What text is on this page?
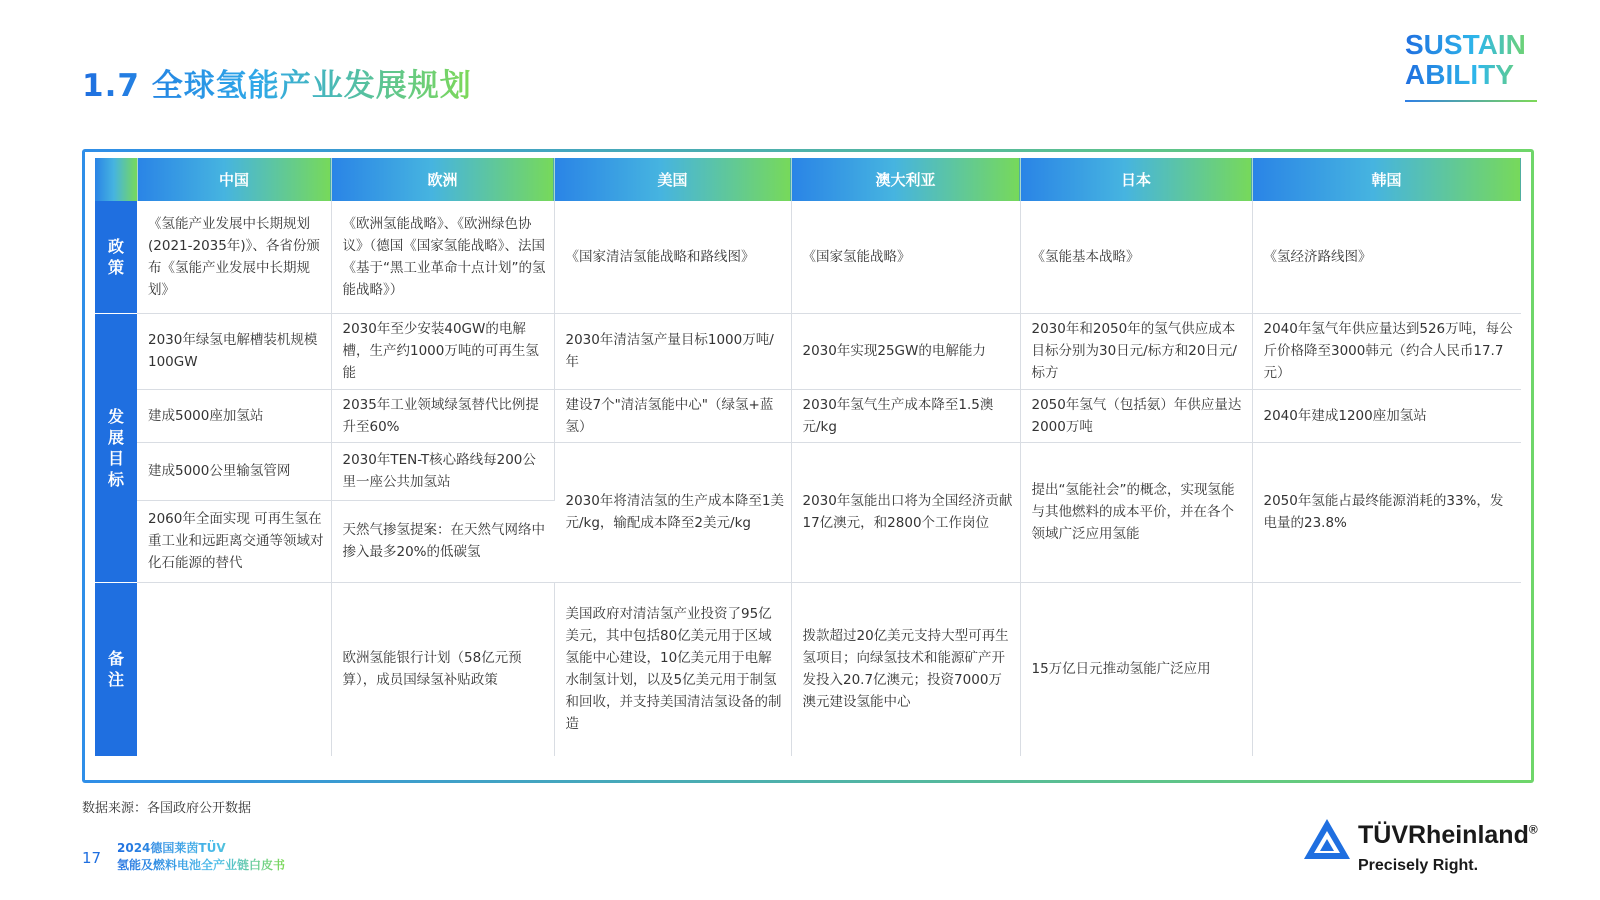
1.7 全球氢能产业发展规划
SUSTAIN
ABILITY
	中国	欧洲	美国	澳大利亚	日本	韩国
政策	《氢能产业发展中长期规划(2021-2035年)》、各省份颁布《氢能产业发展中长期规划》	《欧洲氢能战略》、《欧洲绿色协议》（德国《国家氢能战略》、法国《基于“黑工业革命十点计划”的氢能战略》）	《国家清洁氢能战略和路线图》	《国家氢能战略》	《氢能基本战略》	《氢经济路线图》
发展目标	2030年绿氢电解槽装机规模100GW	2030年至少安装40GW的电解槽，生产约1000万吨的可再生氢能	2030年清洁氢产量目标1000万吨/年	2030年实现25GW的电解能力	2030年和2050年的氢气供应成本目标分别为30日元/标方和20日元/标方	2040年氢气年供应量达到526万吨，每公斤价格降至3000韩元（约合人民币17.7元）
	建成5000座加氢站	2035年工业领域绿氢替代比例提升至60%	建设7个"清洁氢能中心"（绿氢+蓝氢）	2030年氢气生产成本降至1.5澳元/kg	2050年氢气（包括氨）年供应量达2000万吨	2040年建成1200座加氢站
	建成5000公里输氢管网	2030年TEN-T核心路线每200公里一座公共加氢站	2030年将清洁氢的生产成本降至1美元/kg，输配成本降至2美元/kg	2030年氢能出口将为全国经济贡献17亿澳元，和2800个工作岗位	提出“氢能社会”的概念，实现氢能与其他燃料的成本平价，并在各个领域广泛应用氢能	2050年氢能占最终能源消耗的33%，发电量的23.8%
	2060年全面实现 可再生氢在重工业和远距离交通等领域对化石能源的替代	天然气掺氢提案：在天然气网络中掺入最多20%的低碳氢				
备注		欧洲氢能银行计划（58亿元预算），成员国绿氢补贴政策	美国政府对清洁氢产业投资了95亿美元，其中包括80亿美元用于区域氢能中心建设，10亿美元用于电解水制氢计划，以及5亿美元用于制氢和回收，并支持美国清洁氢设备的制造	拨款超过20亿美元支持大型可再生氢项目；向绿氢技术和能源矿产开发投入20.7亿澳元；投资7000万澳元建设氢能中心	15万亿日元推动氢能广泛应用	
数据来源：各国政府公开数据
17
2024德国莱茵TÜV
氢能及燃料电池全产业链白皮书
TÜVRheinland®
Precisely Right.
